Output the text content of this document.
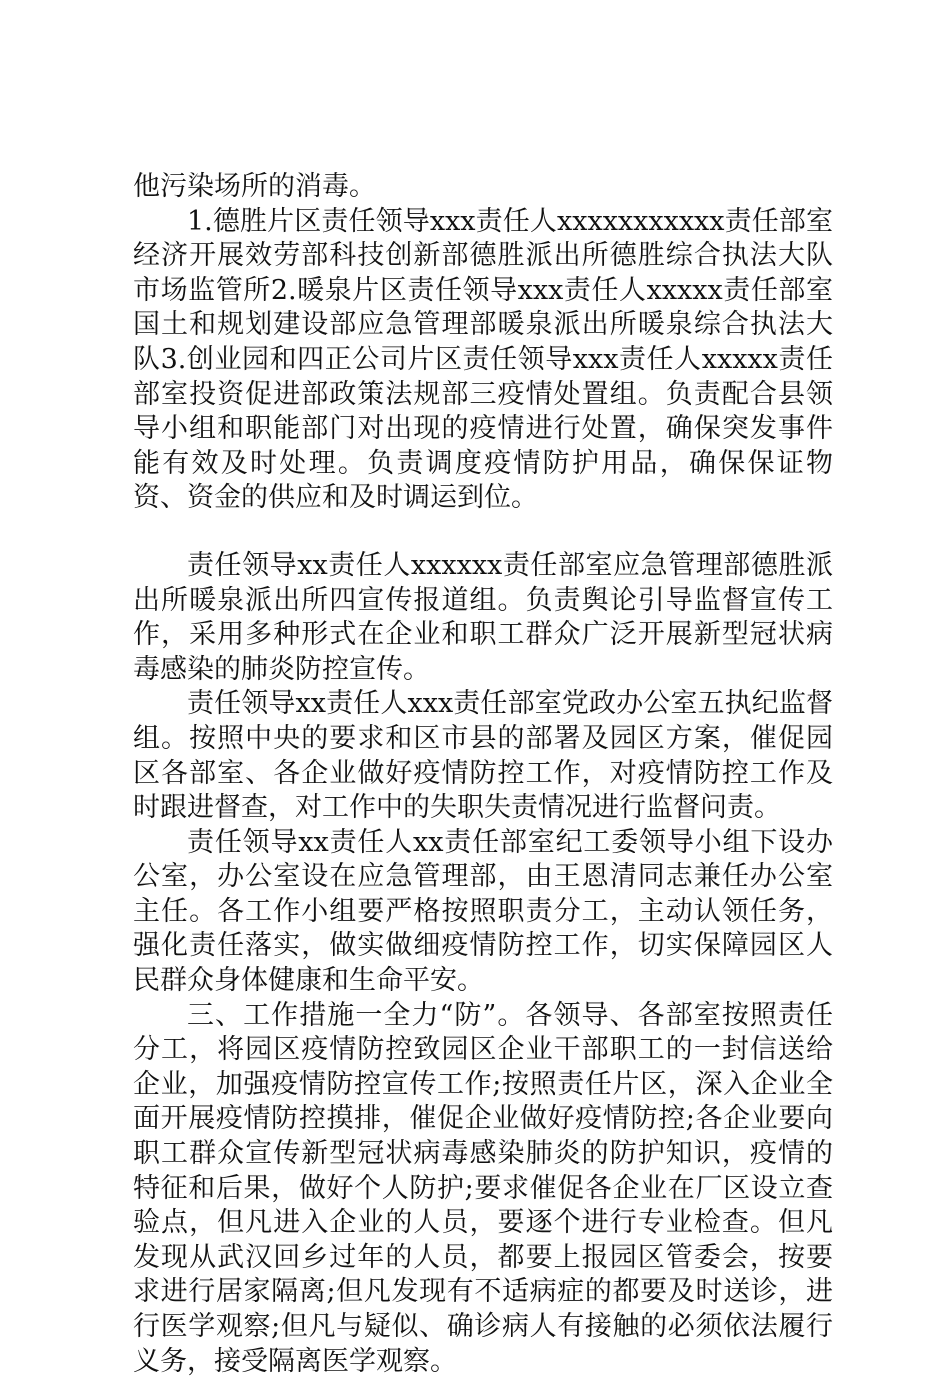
他污染场所的消毒。

1.德胜片区责任领导xxx责任人xxxxxxxxxxx责任部室经济开展效劳部科技创新部德胜派出所德胜综合执法大队市场监管所2.暖泉片区责任领导xxx责任人xxxxx责任部室国土和规划建设部应急管理部暖泉派出所暖泉综合执法大队3.创业园和四正公司片区责任领导xxx责任人xxxxx责任部室投资促进部政策法规部三疫情处置组。负责配合县领导小组和职能部门对出现的疫情进行处置，确保突发事件能有效及时处理。负责调度疫情防护用品，确保保证物资、资金的供应和及时调运到位。

责任领导xx责任人xxxxxx责任部室应急管理部德胜派出所暖泉派出所四宣传报道组。负责舆论引导监督宣传工作，采用多种形式在企业和职工群众广泛开展新型冠状病毒感染的肺炎防控宣传。

责任领导xx责任人xxx责任部室党政办公室五执纪监督组。按照中央的要求和区市县的部署及园区方案，催促园区各部室、各企业做好疫情防控工作，对疫情防控工作及时跟进督查，对工作中的失职失责情况进行监督问责。

责任领导xx责任人xx责任部室纪工委领导小组下设办公室，办公室设在应急管理部，由王恩清同志兼任办公室主任。各工作小组要严格按照职责分工，主动认领任务，强化责任落实，做实做细疫情防控工作，切实保障园区人民群众身体健康和生命平安。

三、工作措施一全力“防”。各领导、各部室按照责任分工，将园区疫情防控致园区企业干部职工的一封信送给企业，加强疫情防控宣传工作;按照责任片区，深入企业全面开展疫情防控摸排，催促企业做好疫情防控;各企业要向职工群众宣传新型冠状病毒感染肺炎的防护知识，疫情的特征和后果，做好个人防护;要求催促各企业在厂区设立查验点，但凡进入企业的人员，要逐个进行专业检查。但凡发现从武汉回乡过年的人员，都要上报园区管委会，按要求进行居家隔离;但凡发现有不适病症的都要及时送诊，进行医学观察;但凡与疑似、确诊病人有接触的必须依法履行义务，接受隔离医学观察。
